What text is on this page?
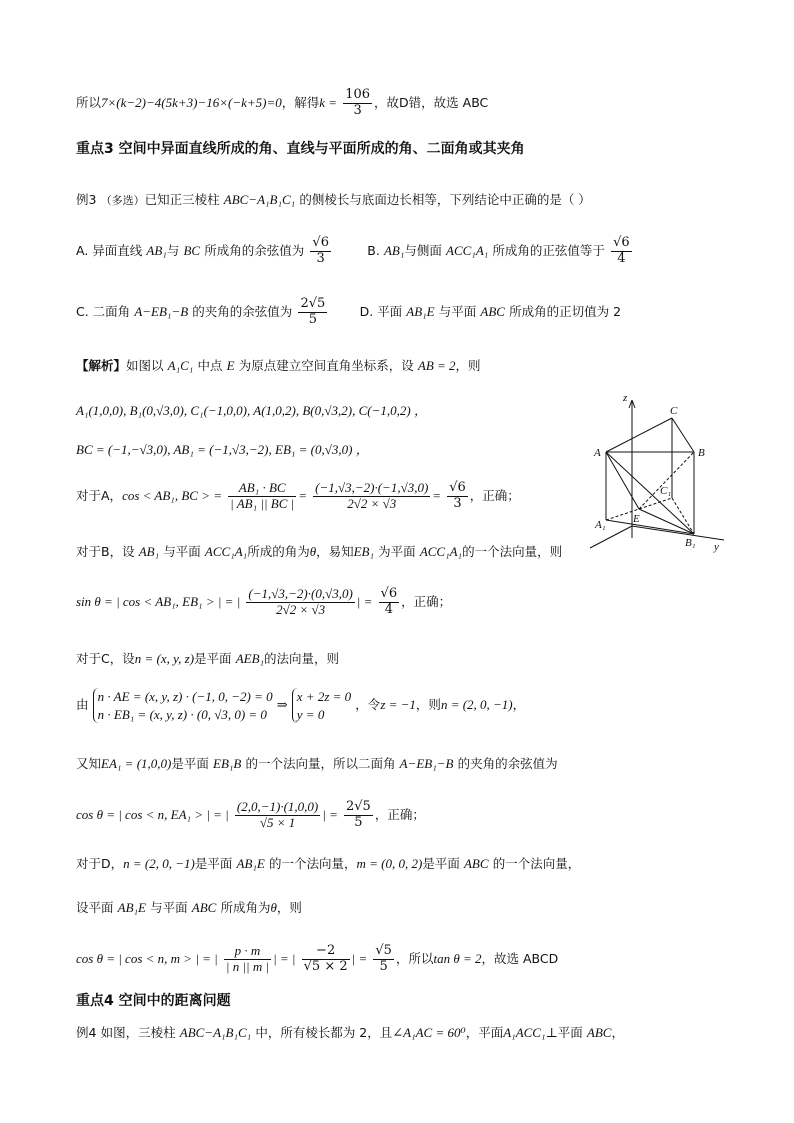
所以7×(k−2)−4(5k+3)−16×(−k+5)=0，解得$k = \frac{106}{3}$ ，故D错，故选 ABC
重点3 空间中异面直线所成的角、直线与平面所成的角、二面角或其夹角
例3 （多选）已知正三棱柱 ABC−A₁B₁C₁ 的侧棱长与底面边长相等，下列结论中正确的是（ ）
A. 异面直线 AB₁与 BC 所成角的余弦值为 $\frac{√6}{3}$	B. AB₁与侧面 ACC₁A₁ 所成角的正弦值等于 $\frac{√6}{4}$
C. 二面角 A−EB₁−B 的夹角的余弦值为 $\frac{2√5}{5}$	D. 平面 AB₁E 与平面 ABC 所成角的正切值为 2
【解析】如图以 A₁C₁ 中点 E 为原点建立空间直角坐标系，设 AB = 2，则
A₁(1,0,0), B₁(0,√3,0), C₁(−1,0,0), A(1,0,2), B(0,√3,2), C(−1,0,2) ，
BC = (−1,−√3,0), AB₁ = (−1,√3,−2), EB₁ = (0,√3,0) ，
对于A，cos < AB₁, BC > = $\frac{\text{AB₁ · BC}}{\text{| AB₁ || BC |}} = \frac{(-1,√3,-2)\cdot(-1,√3,0)}{2√2 \times √3} = \frac{√6}{3}$ ，正确；
对于B，设 AB₁ 与平面 ACC₁A₁所成的角为θ，易知EB₁ 为平面 ACC₁A₁的一个法向量，则
sin θ = | cos < AB₁, EB₁ > | = | $\frac{(-1,√3,-2)\cdot(0,√3,0)}{2√2 \times √3}$ | = $\frac{√6}{4}$ ，正确；
对于C，设n = (x, y, z)是平面 AEB₁的法向量，则
由
n · AE = (x, y, z) · (−1, 0, −2) = 0
n · EB₁ = (x, y, z) · (0, √3, 0) = 0
⇒
x + 2z = 0
y = 0
，令z = −1，则n = (2, 0, −1)，
又知EA₁ = (1,0,0)是平面 EB₁B 的一个法向量，所以二面角 A−EB₁−B 的夹角的余弦值为
cos θ = | cos < n, EA₁ > | = | $\frac{(2,0,-1)\cdot(1,0,0)}{√5 \times 1}$ | = $\frac{2√5}{5}$ ，正确；
对于D，n = (2, 0, −1)是平面 AB₁E 的一个法向量，m = (0, 0, 2)是平面 ABC 的一个法向量，
设平面 AB₁E 与平面 ABC 所成角为θ，则
cos θ = | cos < n, m > | = | $\frac{p \cdot m}{| n || m |}$ | = | $\frac{-2}{√5 \times 2}$ | = $\frac{√5}{5}$ ，所以tan θ = 2，故选 ABCD
重点4 空间中的距离问题
例4 如图，三棱柱 ABC−A₁B₁C₁ 中，所有棱长都为 2，且∠A₁AC = 60⁰，平面A₁ACC₁⊥平面 ABC，
z
y
A	B
C
C₁
A₁
B₁
E
